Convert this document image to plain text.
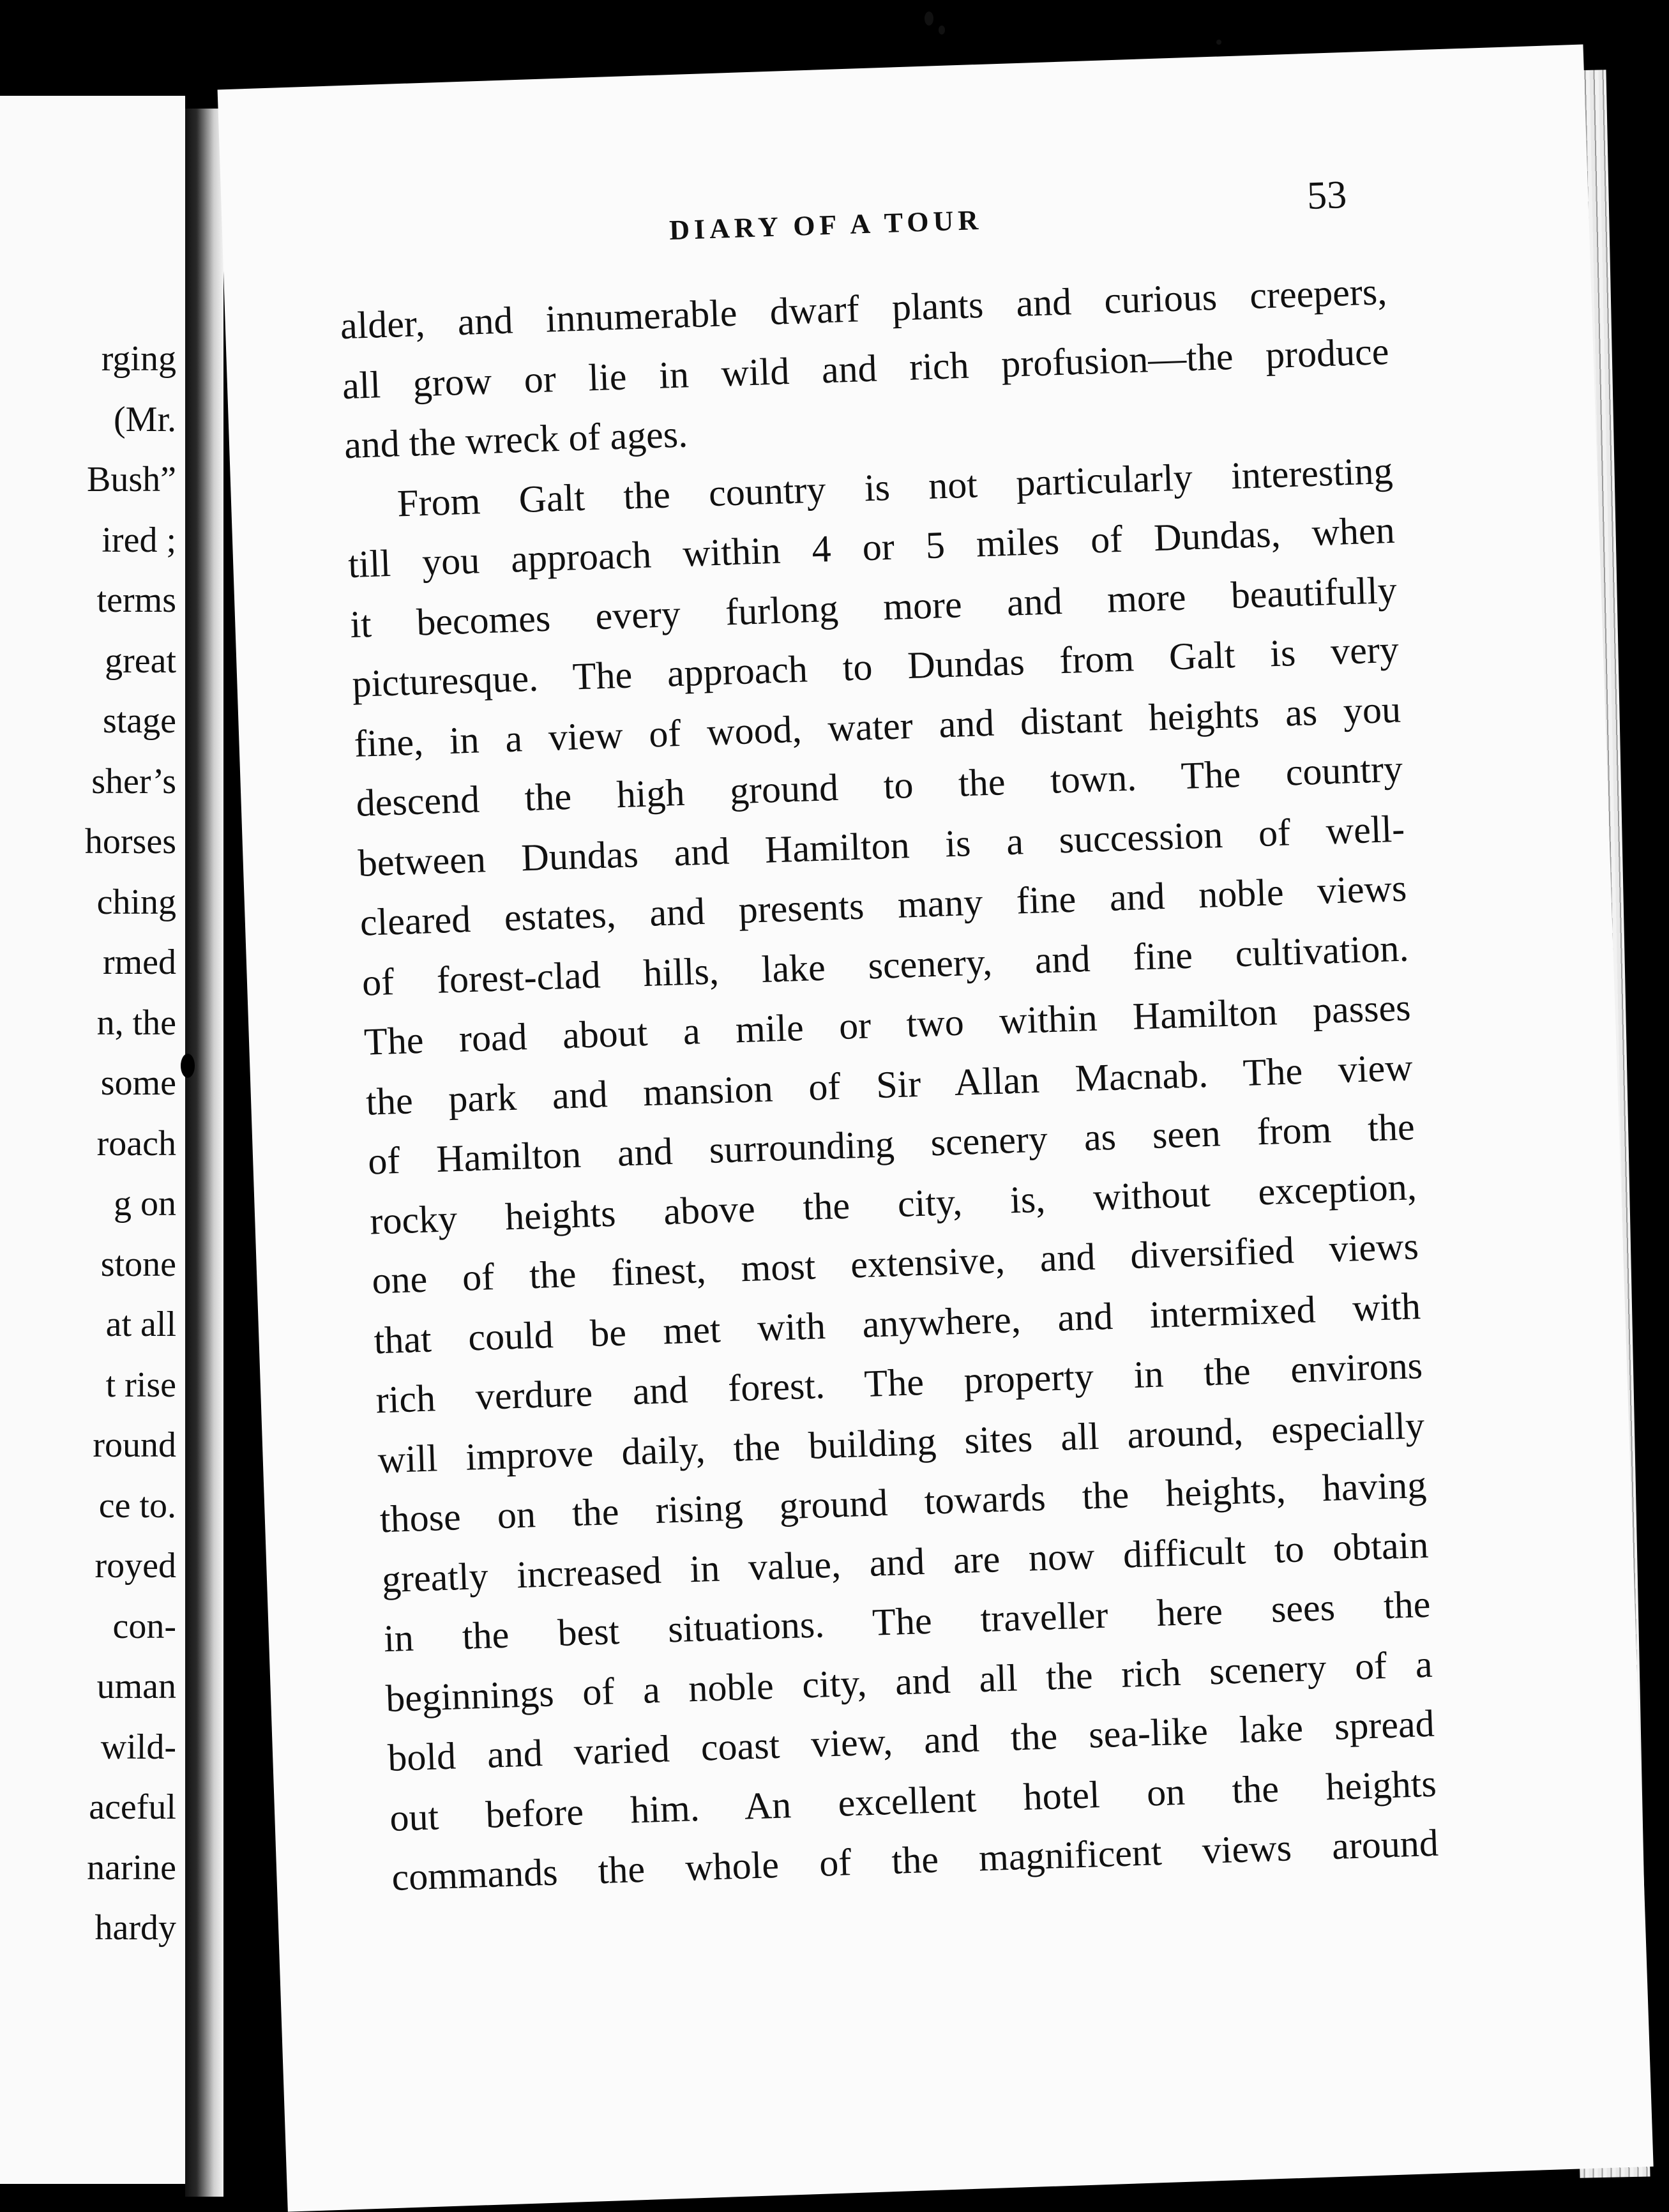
rging
(Mr.
Bush”
ired ;
terms
great
stage
sher’s
horses
ching
rmed
n, the
some
roach
g on
stone
at all
t rise
round
ce to.
royed
con-
uman
wild-
aceful
narine
hardy

DIARY OF A TOUR

53

alder, and innumerable dwarf plants and curious creepers,
all grow or lie in wild and rich profusion—the produce
and the wreck of ages.
From Galt the country is not particularly interesting
till you approach within 4 or 5 miles of Dundas, when
it becomes every furlong more and more beautifully
picturesque. The approach to Dundas from Galt is very
fine, in a view of wood, water and distant heights as you
descend the high ground to the town. The country
between Dundas and Hamilton is a succession of well-
cleared estates, and presents many fine and noble views
of forest-clad hills, lake scenery, and fine cultivation.
The road about a mile or two within Hamilton passes
the park and mansion of Sir Allan Macnab. The view
of Hamilton and surrounding scenery as seen from the
rocky heights above the city, is, without exception,
one of the finest, most extensive, and diversified views
that could be met with anywhere, and intermixed with
rich verdure and forest. The property in the environs
will improve daily, the building sites all around, especially
those on the rising ground towards the heights, having
greatly increased in value, and are now difficult to obtain
in the best situations. The traveller here sees the
beginnings of a noble city, and all the rich scenery of a
bold and varied coast view, and the sea-like lake spread
out before him. An excellent hotel on the heights
commands the whole of the magnificent views around
